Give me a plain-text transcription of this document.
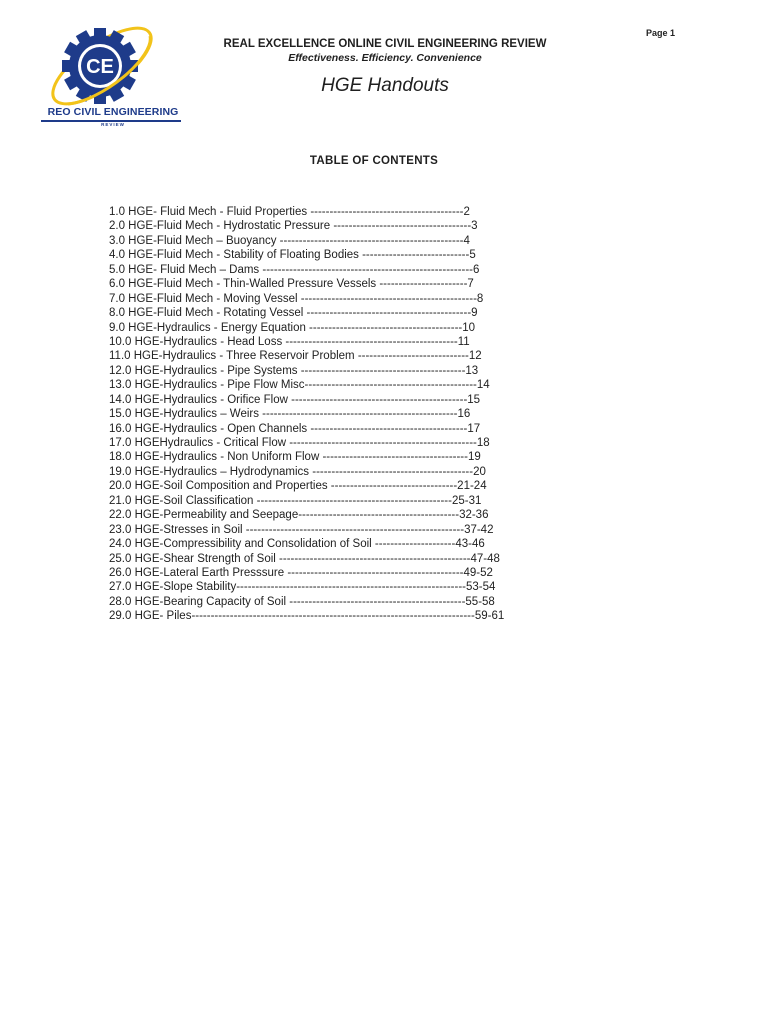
Page 1
CE
REO CIVIL ENGINEERING
REVIEW
REAL EXCELLENCE ONLINE CIVIL ENGINEERING REVIEW
Effectiveness. Efficiency. Convenience
HGE Handouts
TABLE OF CONTENTS
1.0 HGE- Fluid Mech - Fluid Properties ----------------------------------------2
2.0 HGE-Fluid Mech - Hydrostatic Pressure ------------------------------------3
3.0 HGE-Fluid Mech – Buoyancy ------------------------------------------------4
4.0 HGE-Fluid Mech - Stability of Floating Bodies ----------------------------5
5.0 HGE- Fluid Mech – Dams -------------------------------------------------------6
6.0 HGE-Fluid Mech - Thin-Walled Pressure Vessels -----------------------7
7.0 HGE-Fluid Mech - Moving Vessel ----------------------------------------------8
8.0 HGE-Fluid Mech - Rotating Vessel -------------------------------------------9
9.0 HGE-Hydraulics - Energy Equation ----------------------------------------10
10.0 HGE-Hydraulics - Head Loss ---------------------------------------------11
11.0 HGE-Hydraulics - Three Reservoir Problem -----------------------------12
12.0 HGE-Hydraulics - Pipe Systems -------------------------------------------13
13.0 HGE-Hydraulics - Pipe Flow Misc---------------------------------------------14
14.0 HGE-Hydraulics - Orifice Flow ----------------------------------------------15
15.0 HGE-Hydraulics – Weirs ---------------------------------------------------16
16.0 HGE-Hydraulics - Open Channels -----------------------------------------17
17.0 HGEHydraulics - Critical Flow -------------------------------------------------18
18.0 HGE-Hydraulics - Non Uniform Flow --------------------------------------19
19.0 HGE-Hydraulics – Hydrodynamics ------------------------------------------20
20.0 HGE-Soil Composition and Properties ---------------------------------21-24
21.0 HGE-Soil Classification ---------------------------------------------------25-31
22.0 HGE-Permeability and Seepage------------------------------------------32-36
23.0 HGE-Stresses in Soil ---------------------------------------------------------37-42
24.0 HGE-Compressibility and Consolidation of Soil ---------------------43-46
25.0 HGE-Shear Strength of Soil --------------------------------------------------47-48
26.0 HGE-Lateral Earth Presssure ----------------------------------------------49-52
27.0 HGE-Slope Stability------------------------------------------------------------53-54
28.0 HGE-Bearing Capacity of Soil ----------------------------------------------55-58
29.0 HGE- Piles--------------------------------------------------------------------------59-61
